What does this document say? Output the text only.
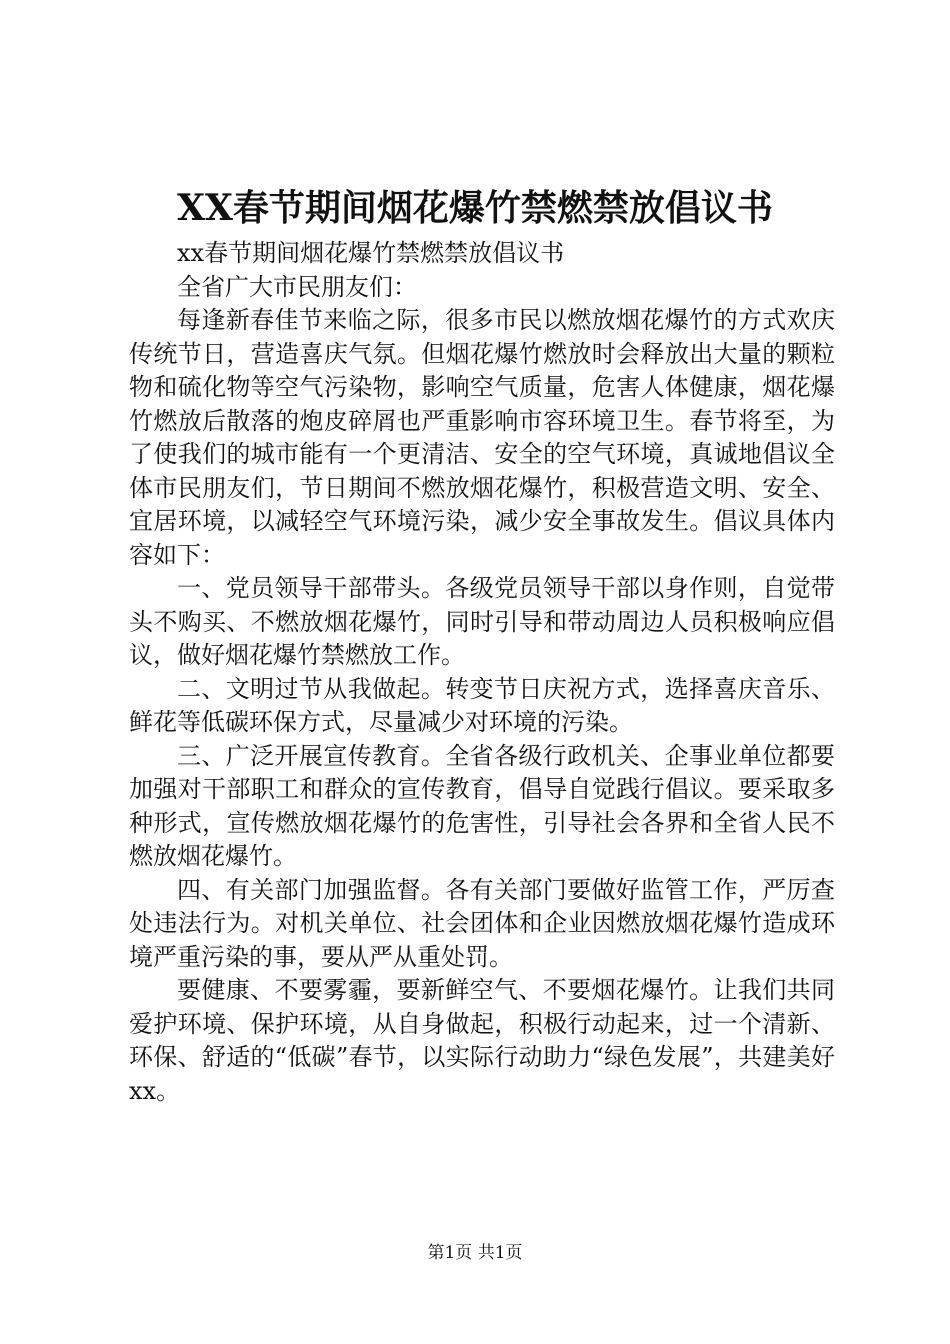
XX春节期间烟花爆竹禁燃禁放倡议书

xx春节期间烟花爆竹禁燃禁放倡议书

全省广大市民朋友们：

每逢新春佳节来临之际，很多市民以燃放烟花爆竹的方式欢庆传统节日，营造喜庆气氛。但烟花爆竹燃放时会释放出大量的颗粒物和硫化物等空气污染物，影响空气质量，危害人体健康，烟花爆竹燃放后散落的炮皮碎屑也严重影响市容环境卫生。春节将至，为了使我们的城市能有一个更清洁、安全的空气环境，真诚地倡议全体市民朋友们，节日期间不燃放烟花爆竹，积极营造文明、安全、宜居环境，以减轻空气环境污染，减少安全事故发生。倡议具体内容如下：

一、党员领导干部带头。各级党员领导干部以身作则，自觉带头不购买、不燃放烟花爆竹，同时引导和带动周边人员积极响应倡议，做好烟花爆竹禁燃放工作。

二、文明过节从我做起。转变节日庆祝方式，选择喜庆音乐、鲜花等低碳环保方式，尽量减少对环境的污染。

三、广泛开展宣传教育。全省各级行政机关、企事业单位都要加强对干部职工和群众的宣传教育，倡导自觉践行倡议。要采取多种形式，宣传燃放烟花爆竹的危害性，引导社会各界和全省人民不燃放烟花爆竹。

四、有关部门加强监督。各有关部门要做好监管工作，严厉查处违法行为。对机关单位、社会团体和企业因燃放烟花爆竹造成环境严重污染的事，要从严从重处罚。

要健康、不要雾霾，要新鲜空气、不要烟花爆竹。让我们共同爱护环境、保护环境，从自身做起，积极行动起来，过一个清新、环保、舒适的“低碳”春节，以实际行动助力“绿色发展”，共建美好xx。

第1页 共1页
